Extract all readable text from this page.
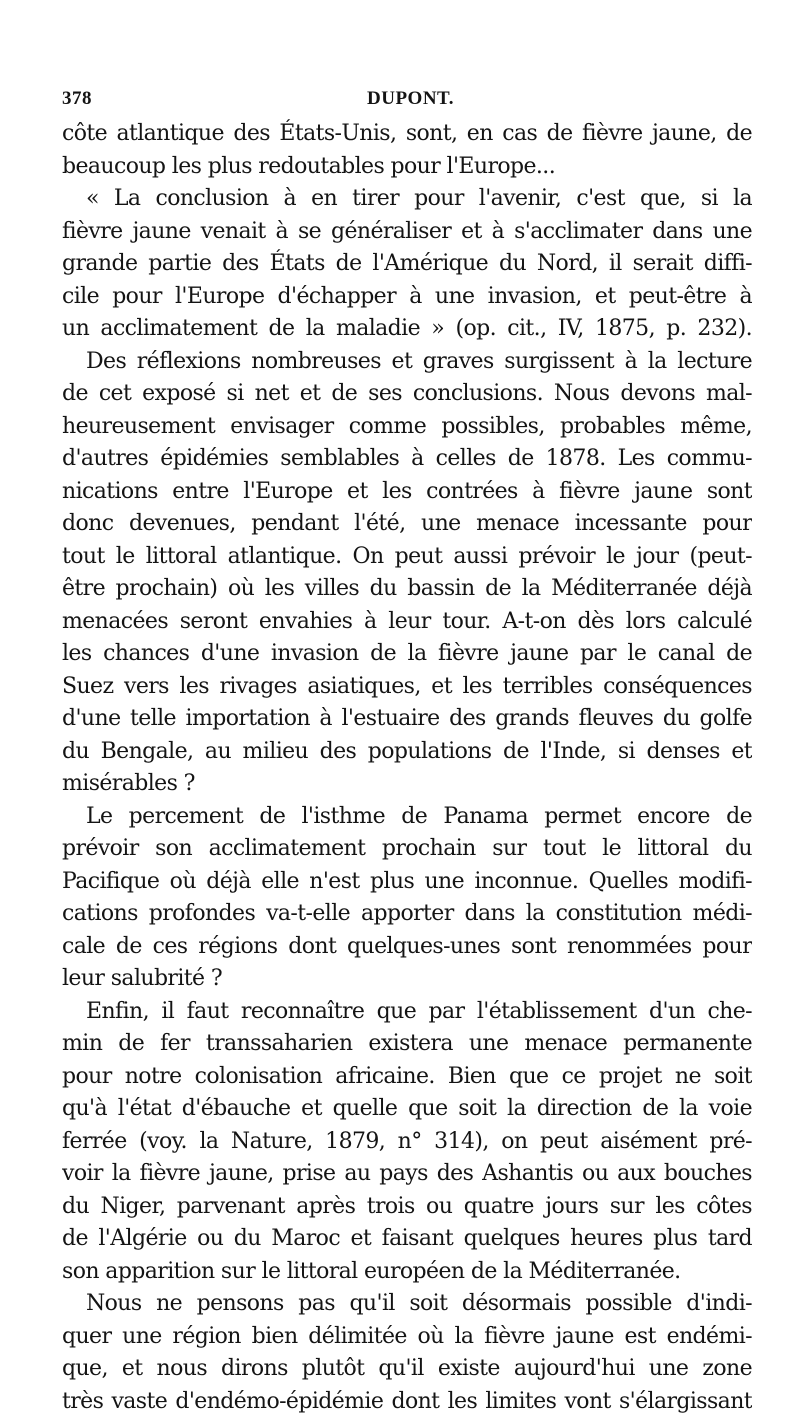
378	DUPONT.
côte atlantique des États-Unis, sont, en cas de fièvre jaune, de
beaucoup les plus redoutables pour l'Europe...
« La conclusion à en tirer pour l'avenir, c'est que, si la
fièvre jaune venait à se généraliser et à s'acclimater dans une
grande partie des États de l'Amérique du Nord, il serait diffi-
cile pour l'Europe d'échapper à une invasion, et peut-être à
un acclimatement de la maladie » (op. cit., IV, 1875, p. 232).
Des réflexions nombreuses et graves surgissent à la lecture
de cet exposé si net et de ses conclusions. Nous devons mal-
heureusement envisager comme possibles, probables même,
d'autres épidémies semblables à celles de 1878. Les commu-
nications entre l'Europe et les contrées à fièvre jaune sont
donc devenues, pendant l'été, une menace incessante pour
tout le littoral atlantique. On peut aussi prévoir le jour (peut-
être prochain) où les villes du bassin de la Méditerranée déjà
menacées seront envahies à leur tour. A-t-on dès lors calculé
les chances d'une invasion de la fièvre jaune par le canal de
Suez vers les rivages asiatiques, et les terribles conséquences
d'une telle importation à l'estuaire des grands fleuves du golfe
du Bengale, au milieu des populations de l'Inde, si denses et
misérables ?
Le percement de l'isthme de Panama permet encore de
prévoir son acclimatement prochain sur tout le littoral du
Pacifique où déjà elle n'est plus une inconnue. Quelles modifi-
cations profondes va-t-elle apporter dans la constitution médi-
cale de ces régions dont quelques-unes sont renommées pour
leur salubrité ?
Enfin, il faut reconnaître que par l'établissement d'un che-
min de fer transsaharien existera une menace permanente
pour notre colonisation africaine. Bien que ce projet ne soit
qu'à l'état d'ébauche et quelle que soit la direction de la voie
ferrée (voy. la Nature, 1879, n° 314), on peut aisément pré-
voir la fièvre jaune, prise au pays des Ashantis ou aux bouches
du Niger, parvenant après trois ou quatre jours sur les côtes
de l'Algérie ou du Maroc et faisant quelques heures plus tard
son apparition sur le littoral européen de la Méditerranée.
Nous ne pensons pas qu'il soit désormais possible d'indi-
quer une région bien délimitée où la fièvre jaune est endémi-
que, et nous dirons plutôt qu'il existe aujourd'hui une zone
très vaste d'endémo-épidémie dont les limites vont s'élargissant
